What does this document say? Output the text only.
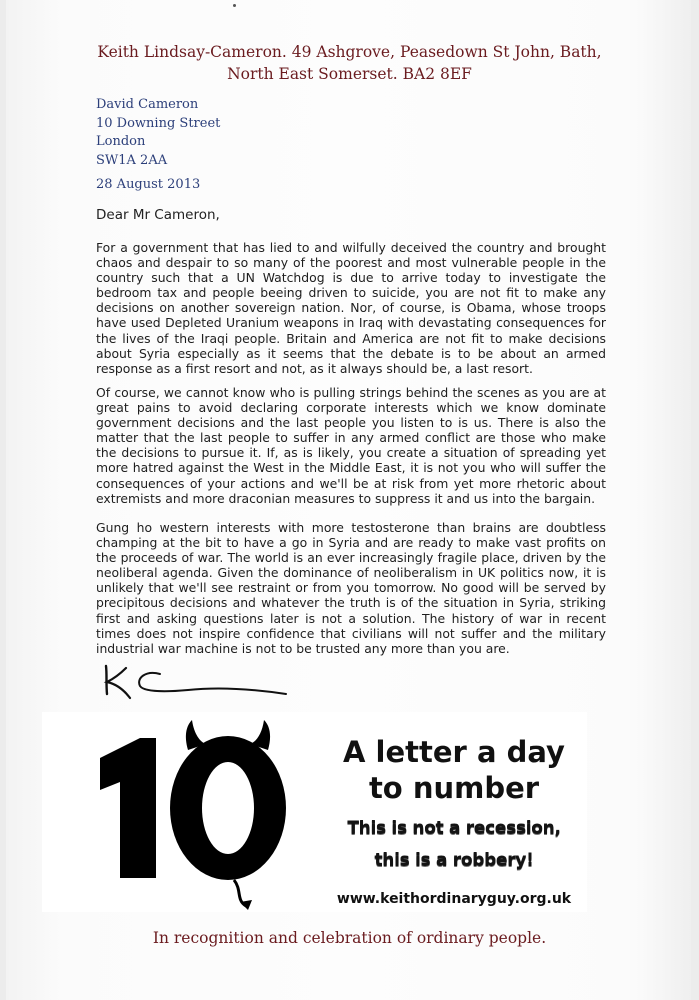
Keith Lindsay-Cameron. 49 Ashgrove, Peasedown St John, Bath,
North East Somerset. BA2 8EF
David Cameron
10 Downing Street
London
SW1A 2AA
28 August 2013
Dear Mr Cameron,

For a government that has lied to and wilfully deceived the country and brought chaos and despair to so many of the poorest and most vulnerable people in the country such that a UN Watchdog is due to arrive today to investigate the bedroom tax and people beeing driven to suicide, you are not fit to make any decisions on another sovereign nation. Nor, of course, is Obama, whose troops have used Depleted Uranium weapons in Iraq with devastating consequences for the lives of the Iraqi people. Britain and America are not fit to make decisions about Syria especially as it seems that the debate is to be about an armed response as a first resort and not, as it always should be, a last resort.

Of course, we cannot know who is pulling strings behind the scenes as you are at great pains to avoid declaring corporate interests which we know dominate government decisions and the last people you listen to is us. There is also the matter that the last people to suffer in any armed conflict are those who make the decisions to pursue it. If, as is likely, you create a situation of spreading yet more hatred against the West in the Middle East, it is not you who will suffer the consequences of your actions and we'll be at risk from yet more rhetoric about extremists and more draconian measures to suppress it and us into the bargain.

Gung ho western interests with more testosterone than brains are doubtless champing at the bit to have a go in Syria and are ready to make vast profits on the proceeds of war. The world is an ever increasingly fragile place, driven by the neoliberal agenda. Given the dominance of neoliberalism in UK politics now, it is unlikely that we'll see restraint or from you tomorrow. No good will be served by precipitous decisions and whatever the truth is of the situation in Syria, striking first and asking questions later is not a solution. The history of war in recent times does not inspire confidence that civilians will not suffer and the military industrial war machine is not to be trusted any more than you are.

A letter a day
to number
This is not a recession,
this is a robbery!
www.keithordinaryguy.org.uk
In recognition and celebration of ordinary people.
